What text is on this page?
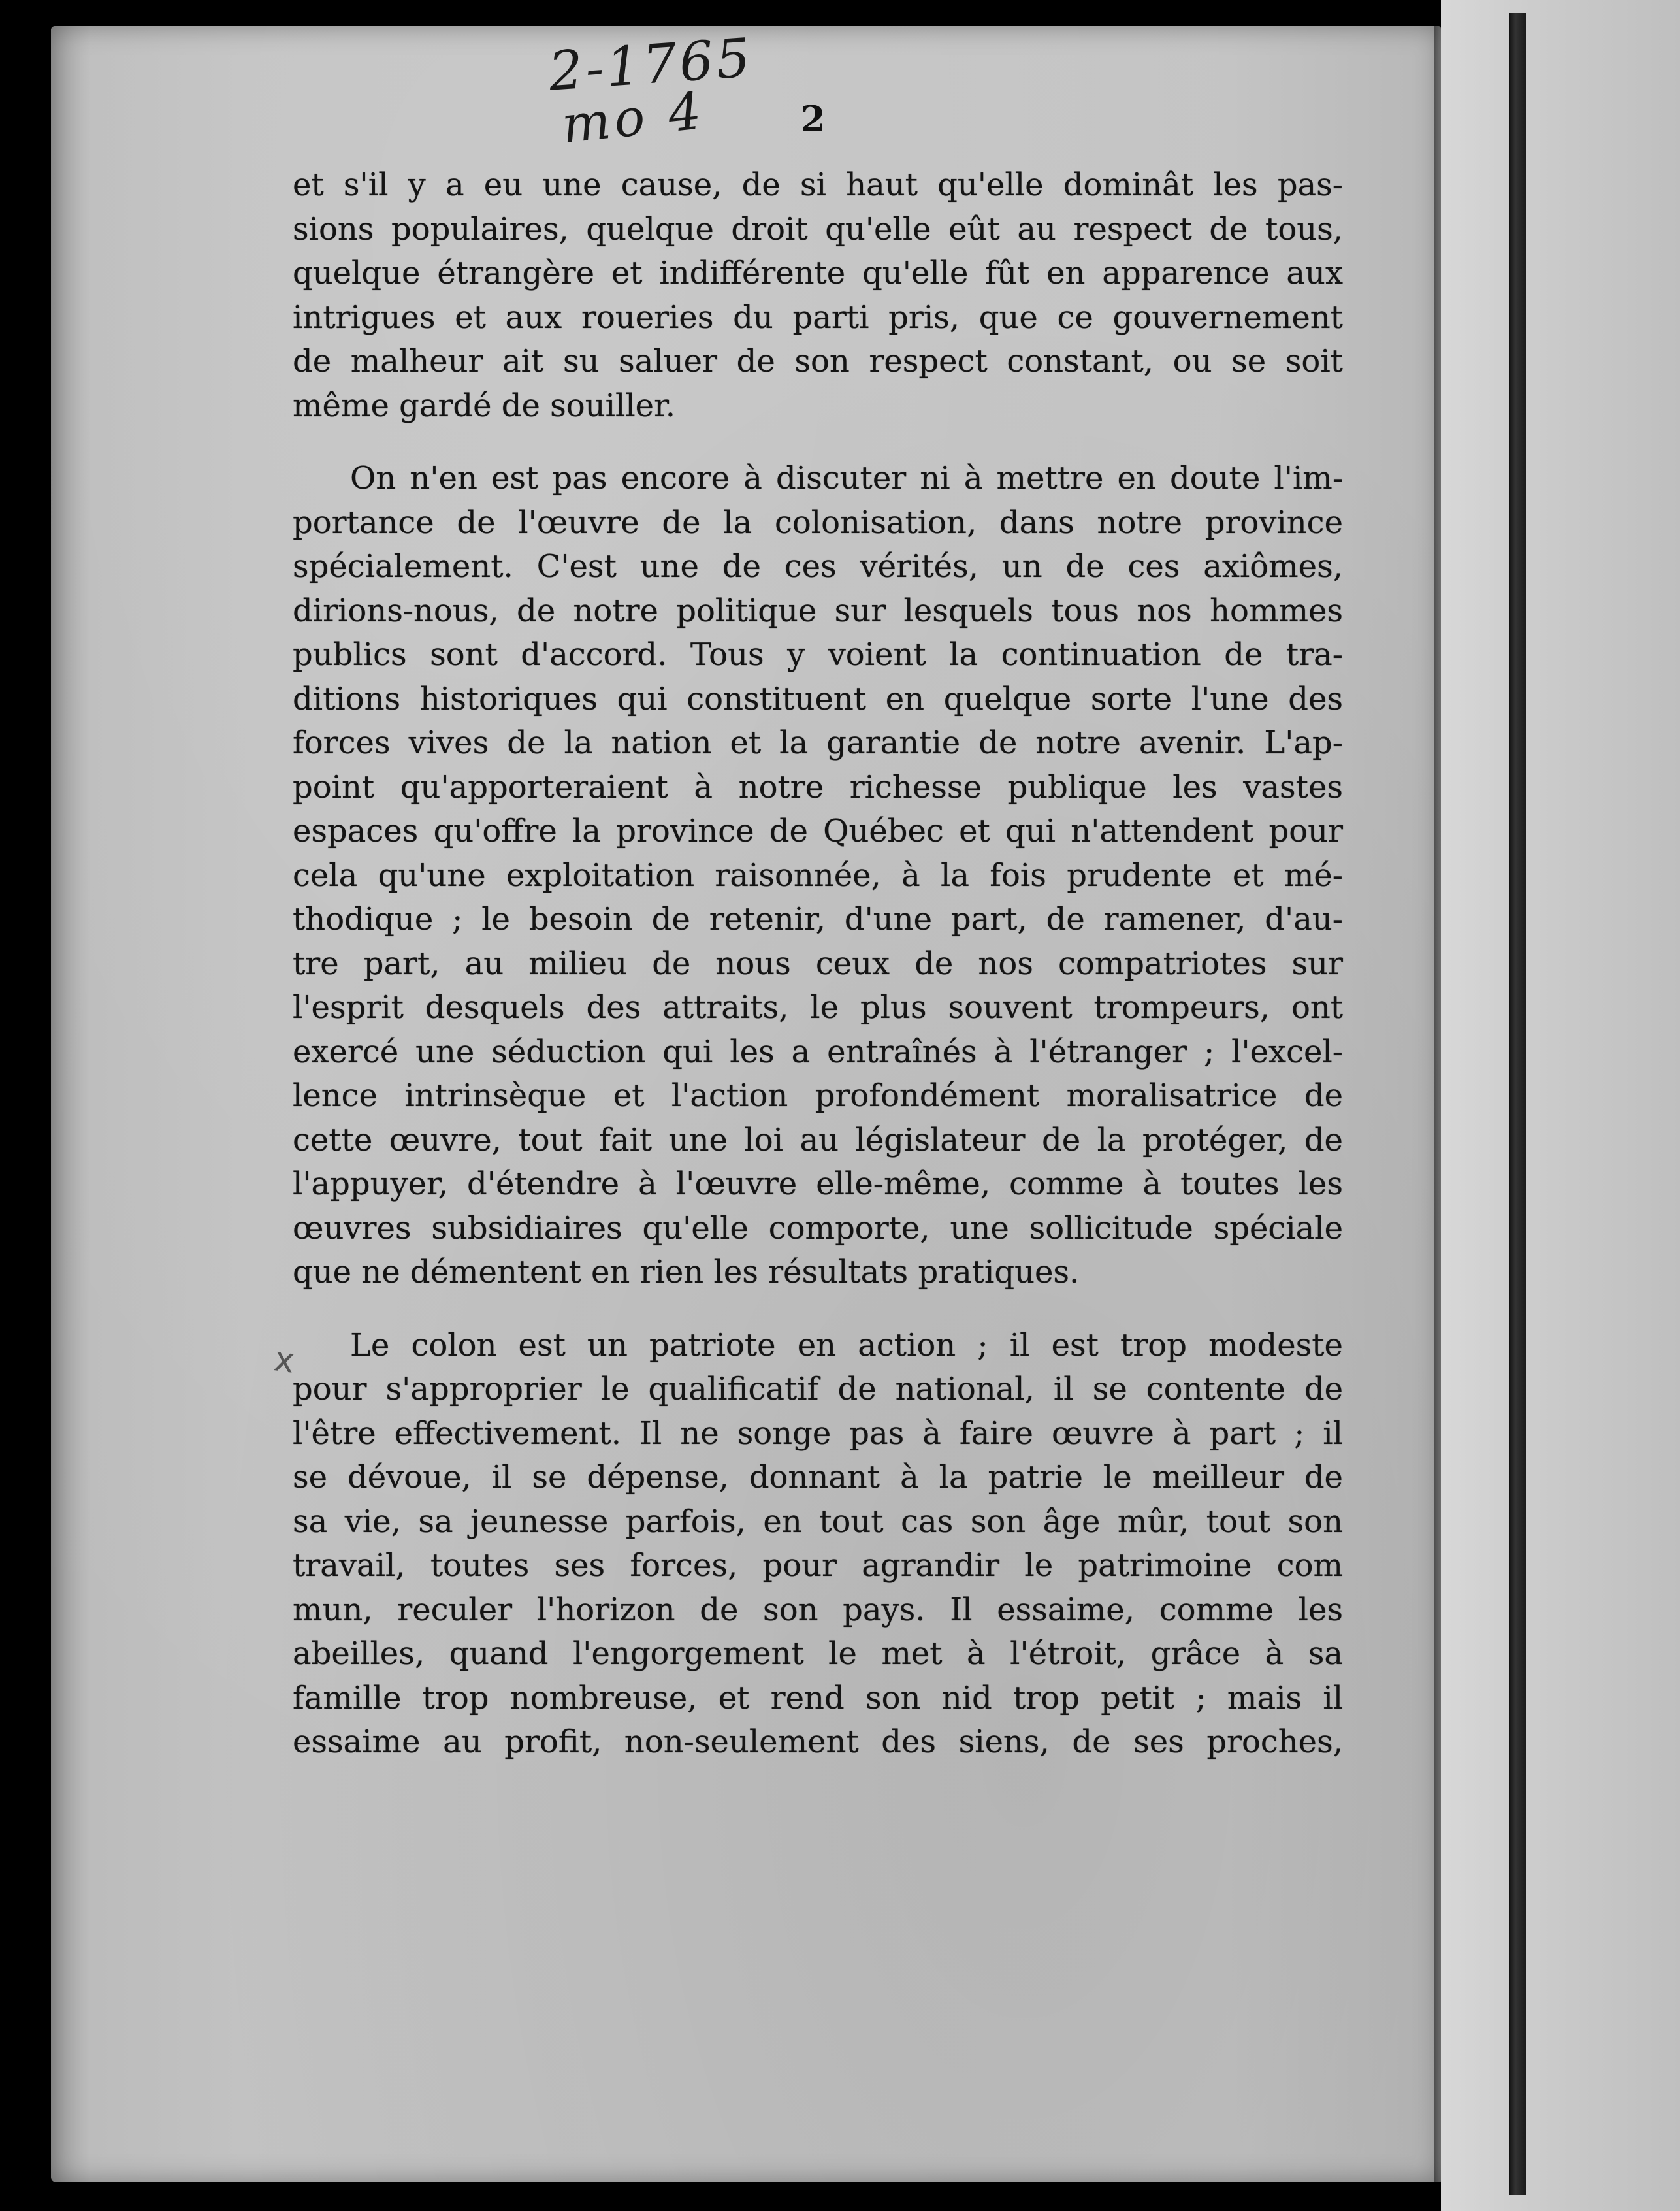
2-1765
mo 4	2
x
et s'il y a eu une cause, de si haut qu'elle dominât les pas-
sions populaires, quelque droit qu'elle eût au respect de tous,
quelque étrangère et indifférente qu'elle fût en apparence aux
intrigues et aux roueries du parti pris, que ce gouvernement
de malheur ait su saluer de son respect constant, ou se soit
même gardé de souiller.
On n'en est pas encore à discuter ni à mettre en doute l'im-
portance de l'œuvre de la colonisation, dans notre province
spécialement. C'est une de ces vérités, un de ces axiômes,
dirions-nous, de notre politique sur lesquels tous nos hommes
publics sont d'accord. Tous y voient la continuation de tra-
ditions historiques qui constituent en quelque sorte l'une des
forces vives de la nation et la garantie de notre avenir. L'ap-
point qu'apporteraient à notre richesse publique les vastes
espaces qu'offre la province de Québec et qui n'attendent pour
cela qu'une exploitation raisonnée, à la fois prudente et mé-
thodique ; le besoin de retenir, d'une part, de ramener, d'au-
tre part, au milieu de nous ceux de nos compatriotes sur
l'esprit desquels des attraits, le plus souvent trompeurs, ont
exercé une séduction qui les a entraînés à l'étranger ; l'excel-
lence intrinsèque et l'action profondément moralisatrice de
cette œuvre, tout fait une loi au législateur de la protéger, de
l'appuyer, d'étendre à l'œuvre elle-même, comme à toutes les
œuvres subsidiaires qu'elle comporte, une sollicitude spéciale
que ne démentent en rien les résultats pratiques.
Le colon est un patriote en action ; il est trop modeste
pour s'approprier le qualificatif de national, il se contente de
l'être effectivement. Il ne songe pas à faire œuvre à part ; il
se dévoue, il se dépense, donnant à la patrie le meilleur de
sa vie, sa jeunesse parfois, en tout cas son âge mûr, tout son
travail, toutes ses forces, pour agrandir le patrimoine com
mun, reculer l'horizon de son pays. Il essaime, comme les
abeilles, quand l'engorgement le met à l'étroit, grâce à sa
famille trop nombreuse, et rend son nid trop petit ; mais il
essaime au profit, non-seulement des siens, de ses proches,
